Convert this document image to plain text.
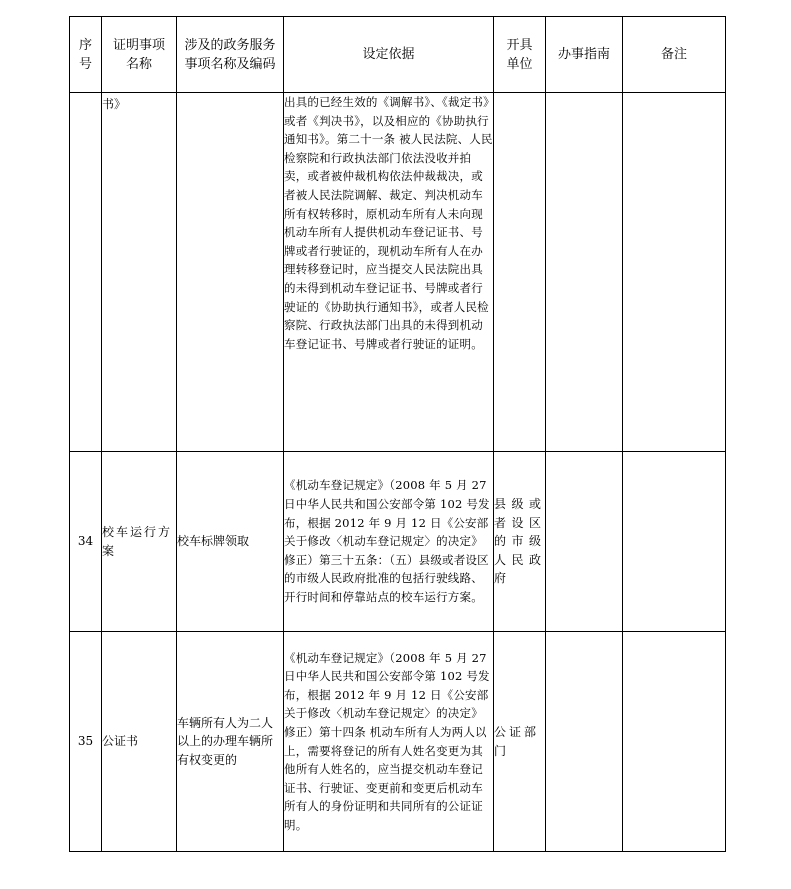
序号	证明事项名称	涉及的政务服务事项名称及编码	设定依据	开具单位	办事指南	备注
	书》		出具的已经生效的《调解书》、《裁定书》或者《判决书》，以及相应的《协助执行通知书》。第二十一条 被人民法院、人民检察院和行政执法部门依法没收并拍卖，或者被仲裁机构依法仲裁裁决，或者被人民法院调解、裁定、判决机动车所有权转移时，原机动车所有人未向现机动车所有人提供机动车登记证书、号牌或者行驶证的，现机动车所有人在办理转移登记时，应当提交人民法院出具的未得到机动车登记证书、号牌或者行驶证的《协助执行通知书》，或者人民检察院、行政执法部门出具的未得到机动车登记证书、号牌或者行驶证的证明。			
34	校车运行方案	校车标牌领取	《机动车登记规定》（2008 年 5 月 27 日中华人民共和国公安部令第 102 号发布，根据 2012 年 9 月 12 日《公安部关于修改〈机动车登记规定〉的决定》修正）第三十五条：（五）县级或者设区的市级人民政府批准的包括行驶线路、开行时间和停靠站点的校车运行方案。	县级或者设区的市级人民政府		
35	公证书	车辆所有人为二人以上的办理车辆所有权变更的	《机动车登记规定》（2008 年 5 月 27 日中华人民共和国公安部令第 102 号发布，根据 2012 年 9 月 12 日《公安部关于修改〈机动车登记规定〉的决定》修正）第十四条 机动车所有人为两人以上，需要将登记的所有人姓名变更为其他所有人姓名的，应当提交机动车登记证书、行驶证、变更前和变更后机动车所有人的身份证明和共同所有的公证证明。	公证部门		
